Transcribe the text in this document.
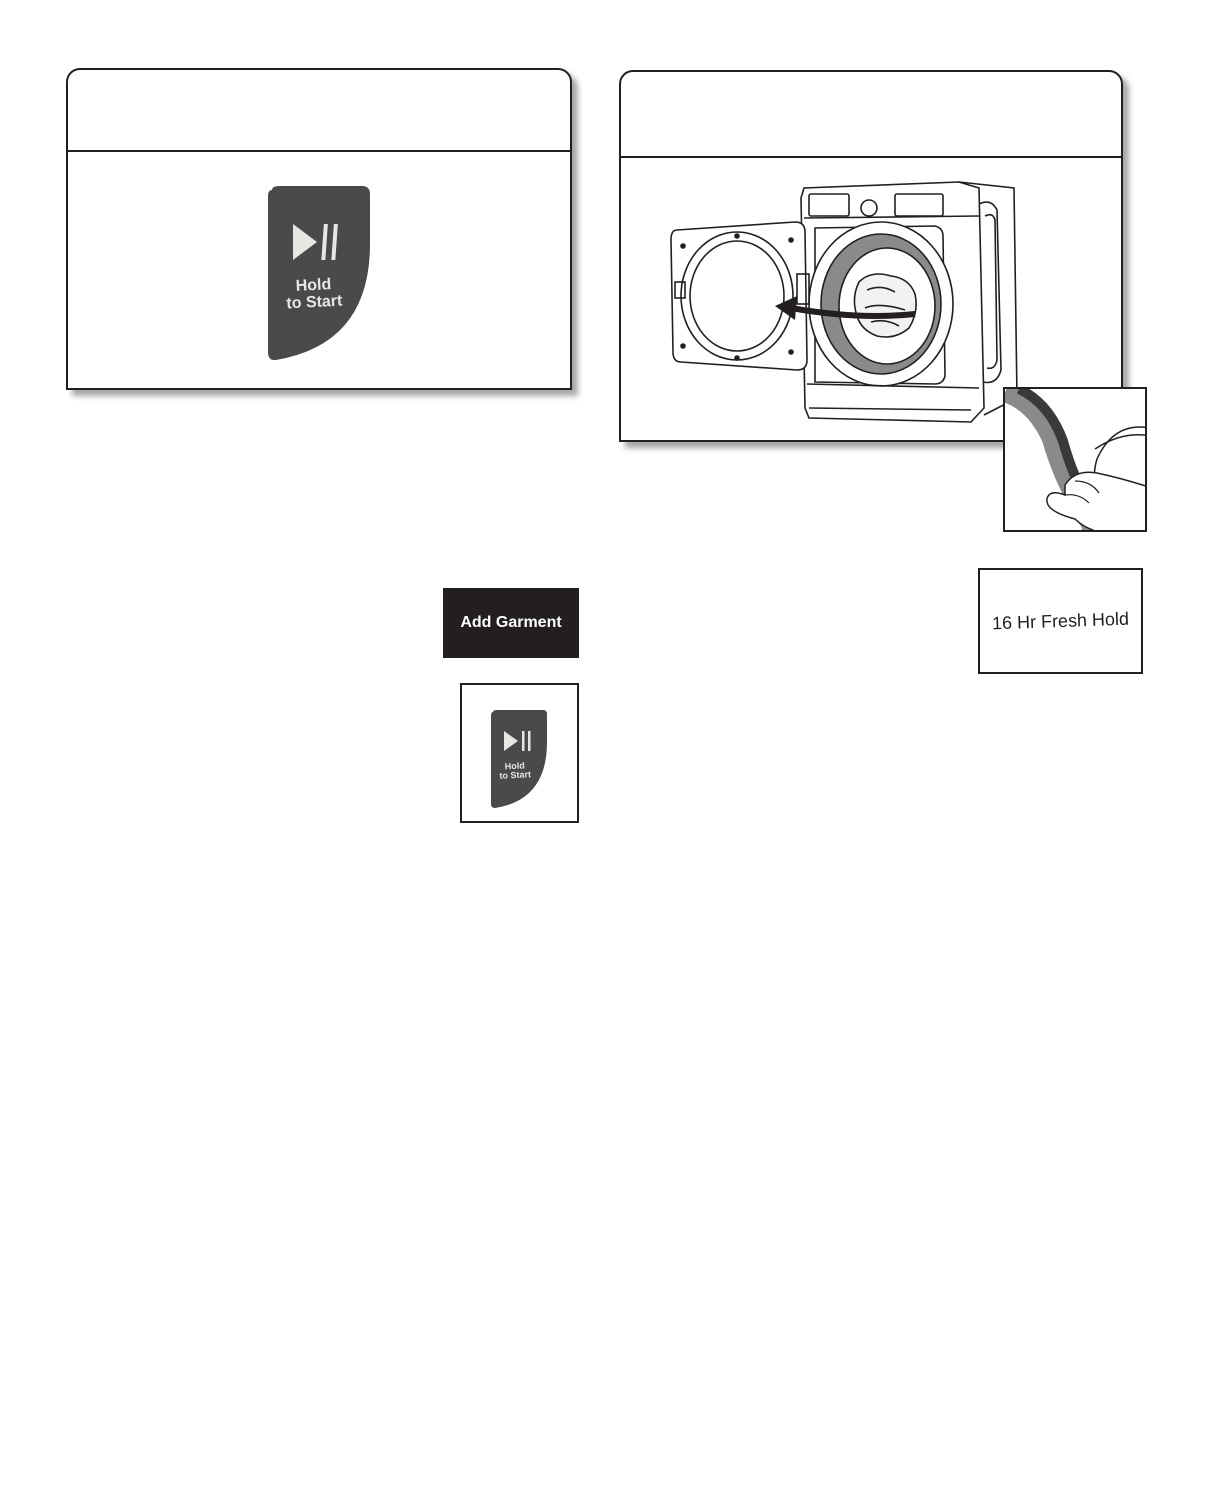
Hold
to Start
Add Garment
Hold
to Start
16 Hr Fresh Hold
